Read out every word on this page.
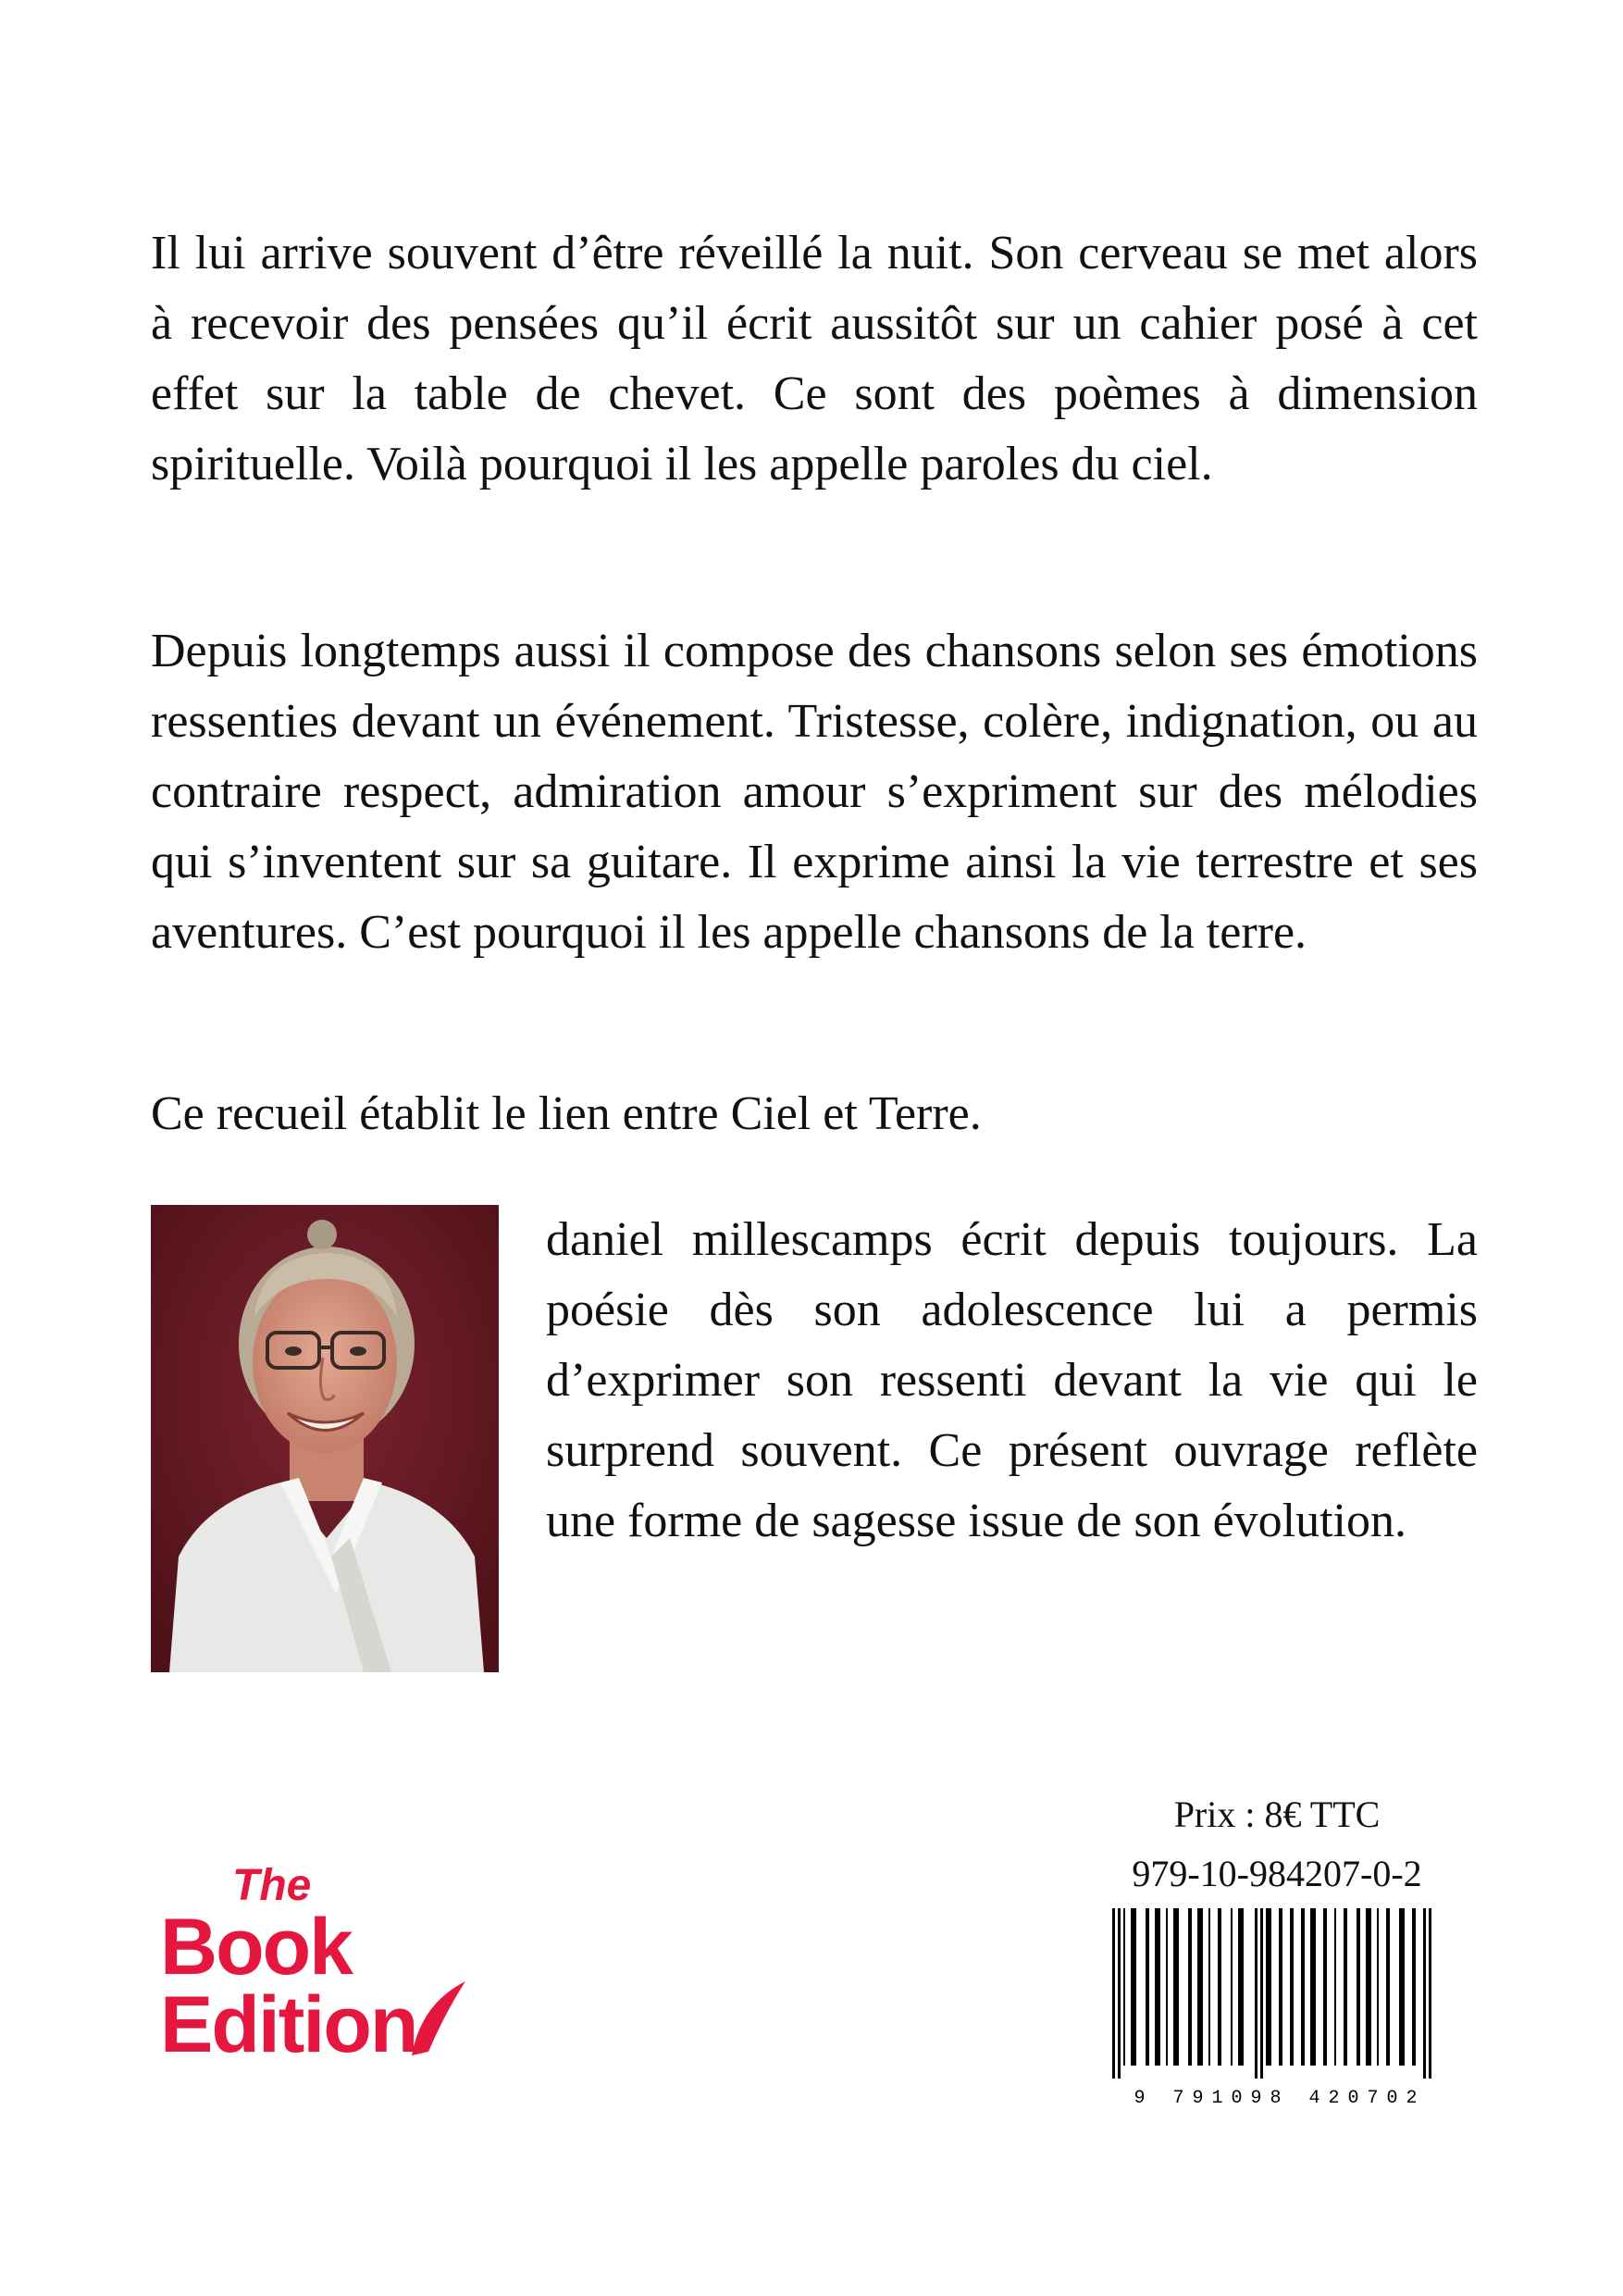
Il lui arrive souvent d’être réveillé la nuit. Son cerveau se met alors à recevoir des pensées qu’il écrit aussitôt sur un cahier posé à cet effet sur la table de chevet. Ce sont des poèmes à dimension spirituelle. Voilà pourquoi il les appelle paroles du ciel.

Depuis longtemps aussi il compose des chansons selon ses émotions ressenties devant un événement. Tristesse, colère, indignation, ou au contraire respect, admiration amour s’expriment sur des mélodies qui s’inventent sur sa guitare. Il exprime ainsi la vie terrestre et ses aventures. C’est pourquoi il les appelle chansons de la terre.

Ce recueil établit le lien entre Ciel et Terre.

daniel millescamps écrit depuis toujours. La poésie dès son adolescence lui a permis d’exprimer son ressenti devant la vie qui le surprend souvent. Ce présent ouvrage reflète une forme de sagesse issue de son évolution.

Prix : 8€ TTC
979-10-984207-0-2
9 791098 420702
The
Book
Edition
